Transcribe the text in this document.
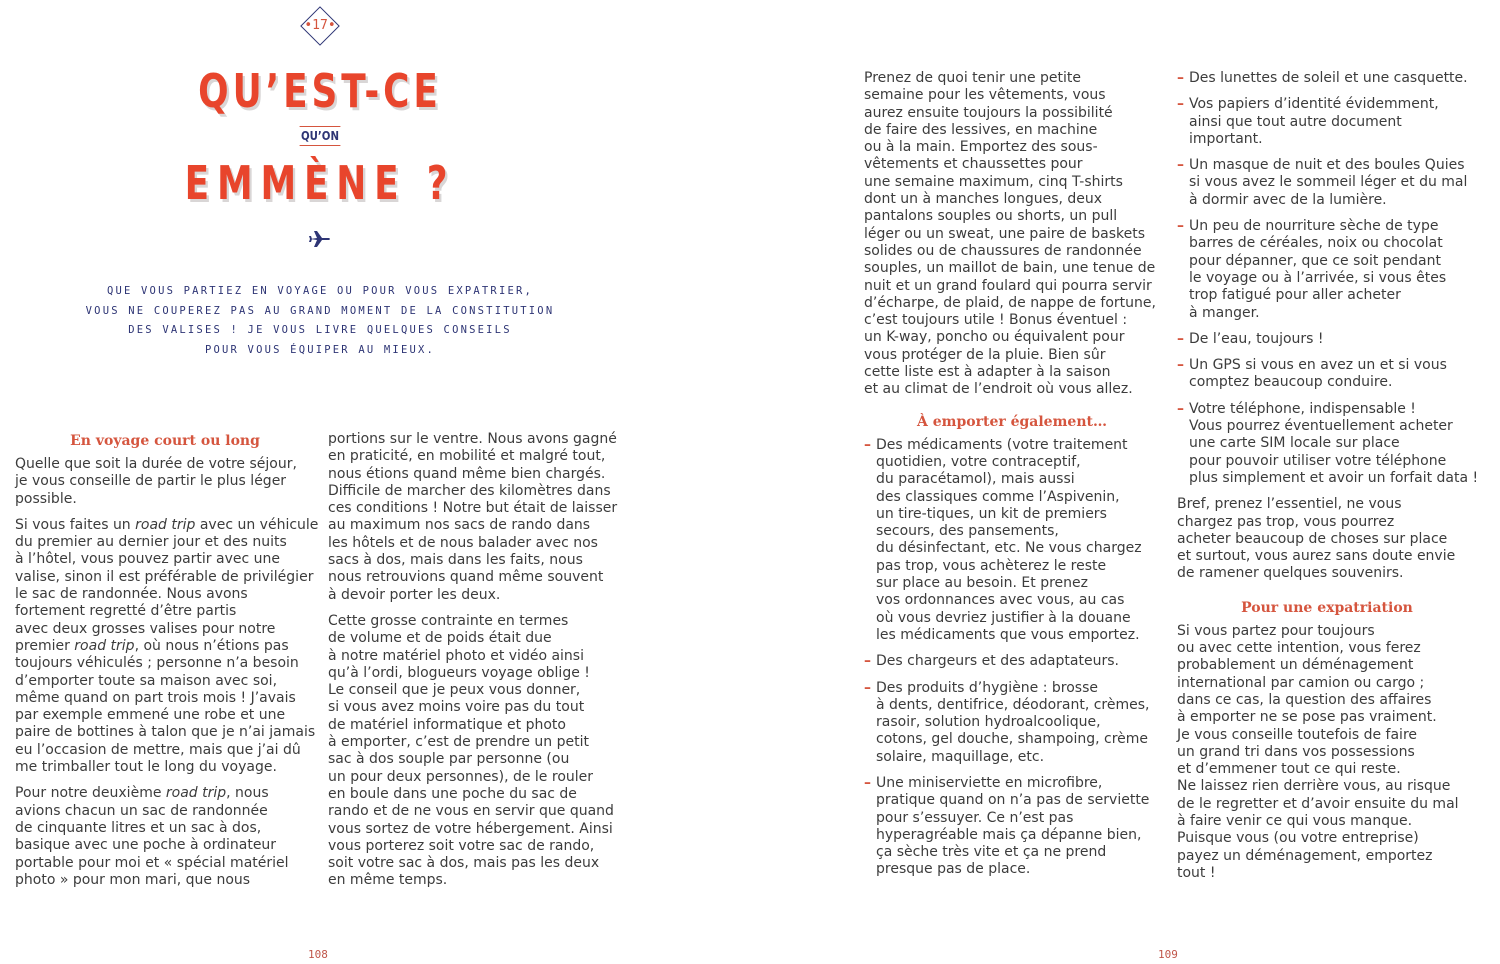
•17•
QU’EST-CE
QU’ON
EMMÈNE ?
QUE VOUS PARTIEZ EN VOYAGE OU POUR VOUS EXPATRIER,
VOUS NE COUPEREZ PAS AU GRAND MOMENT DE LA CONSTITUTION
DES VALISES ! JE VOUS LIVRE QUELQUES CONSEILS
POUR VOUS ÉQUIPER AU MIEUX.
En voyage court ou long

Quelle que soit la durée de votre séjour,
je vous conseille de partir le plus léger
possible.

Si vous faites un road trip avec un véhicule
du premier au dernier jour et des nuits
à l’hôtel, vous pouvez partir avec une
valise, sinon il est préférable de privilégier
le sac de randonnée. Nous avons
fortement regretté d’être partis
avec deux grosses valises pour notre
premier road trip, où nous n’étions pas
toujours véhiculés ; personne n’a besoin
d’emporter toute sa maison avec soi,
même quand on part trois mois ! J’avais
par exemple emmené une robe et une
paire de bottines à talon que je n’ai jamais
eu l’occasion de mettre, mais que j’ai dû
me trimballer tout le long du voyage.

Pour notre deuxième road trip, nous
avions chacun un sac de randonnée
de cinquante litres et un sac à dos,
basique avec une poche à ordinateur
portable pour moi et « spécial matériel
photo » pour mon mari, que nous

portions sur le ventre. Nous avons gagné
en praticité, en mobilité et malgré tout,
nous étions quand même bien chargés.
Difficile de marcher des kilomètres dans
ces conditions ! Notre but était de laisser
au maximum nos sacs de rando dans
les hôtels et de nous balader avec nos
sacs à dos, mais dans les faits, nous
nous retrouvions quand même souvent
à devoir porter les deux.

Cette grosse contrainte en termes
de volume et de poids était due
à notre matériel photo et vidéo ainsi
qu’à l’ordi, blogueurs voyage oblige !
Le conseil que je peux vous donner,
si vous avez moins voire pas du tout
de matériel informatique et photo
à emporter, c’est de prendre un petit
sac à dos souple par personne (ou
un pour deux personnes), de le rouler
en boule dans une poche du sac de
rando et de ne vous en servir que quand
vous sortez de votre hébergement. Ainsi
vous porterez soit votre sac de rando,
soit votre sac à dos, mais pas les deux
en même temps.

108

Prenez de quoi tenir une petite
semaine pour les vêtements, vous
aurez ensuite toujours la possibilité
de faire des lessives, en machine
ou à la main. Emportez des sous-
vêtements et chaussettes pour
une semaine maximum, cinq T-shirts
dont un à manches longues, deux
pantalons souples ou shorts, un pull
léger ou un sweat, une paire de baskets
solides ou de chaussures de randonnée
souples, un maillot de bain, une tenue de
nuit et un grand foulard qui pourra servir
d’écharpe, de plaid, de nappe de fortune,
c’est toujours utile ! Bonus éventuel :
un K-way, poncho ou équivalent pour
vous protéger de la pluie. Bien sûr
cette liste est à adapter à la saison
et au climat de l’endroit où vous allez.

À emporter également…
– Des médicaments (votre traitement
quotidien, votre contraceptif,
du paracétamol), mais aussi
des classiques comme l’Aspivenin,
un tire-tiques, un kit de premiers
secours, des pansements,
du désinfectant, etc. Ne vous chargez
pas trop, vous achèterez le reste
sur place au besoin. Et prenez
vos ordonnances avec vous, au cas
où vous devriez justifier à la douane
les médicaments que vous emportez.
– Des chargeurs et des adaptateurs.
– Des produits d’hygiène : brosse
à dents, dentifrice, déodorant, crèmes,
rasoir, solution hydroalcoolique,
cotons, gel douche, shampoing, crème
solaire, maquillage, etc.
– Une miniserviette en microfibre,
pratique quand on n’a pas de serviette
pour s’essuyer. Ce n’est pas
hyperagréable mais ça dépanne bien,
ça sèche très vite et ça ne prend
presque pas de place.
– Des lunettes de soleil et une casquette.
– Vos papiers d’identité évidemment,
ainsi que tout autre document
important.
– Un masque de nuit et des boules Quies
si vous avez le sommeil léger et du mal
à dormir avec de la lumière.
– Un peu de nourriture sèche de type
barres de céréales, noix ou chocolat
pour dépanner, que ce soit pendant
le voyage ou à l’arrivée, si vous êtes
trop fatigué pour aller acheter
à manger.
– De l’eau, toujours !
– Un GPS si vous en avez un et si vous
comptez beaucoup conduire.
– Votre téléphone, indispensable !
Vous pourrez éventuellement acheter
une carte SIM locale sur place
pour pouvoir utiliser votre téléphone
plus simplement et avoir un forfait data !

Bref, prenez l’essentiel, ne vous
chargez pas trop, vous pourrez
acheter beaucoup de choses sur place
et surtout, vous aurez sans doute envie
de ramener quelques souvenirs.

Pour une expatriation

Si vous partez pour toujours
ou avec cette intention, vous ferez
probablement un déménagement
international par camion ou cargo ;
dans ce cas, la question des affaires
à emporter ne se pose pas vraiment.
Je vous conseille toutefois de faire
un grand tri dans vos possessions
et d’emmener tout ce qui reste.
Ne laissez rien derrière vous, au risque
de le regretter et d’avoir ensuite du mal
à faire venir ce qui vous manque.
Puisque vous (ou votre entreprise)
payez un déménagement, emportez
tout !

109
